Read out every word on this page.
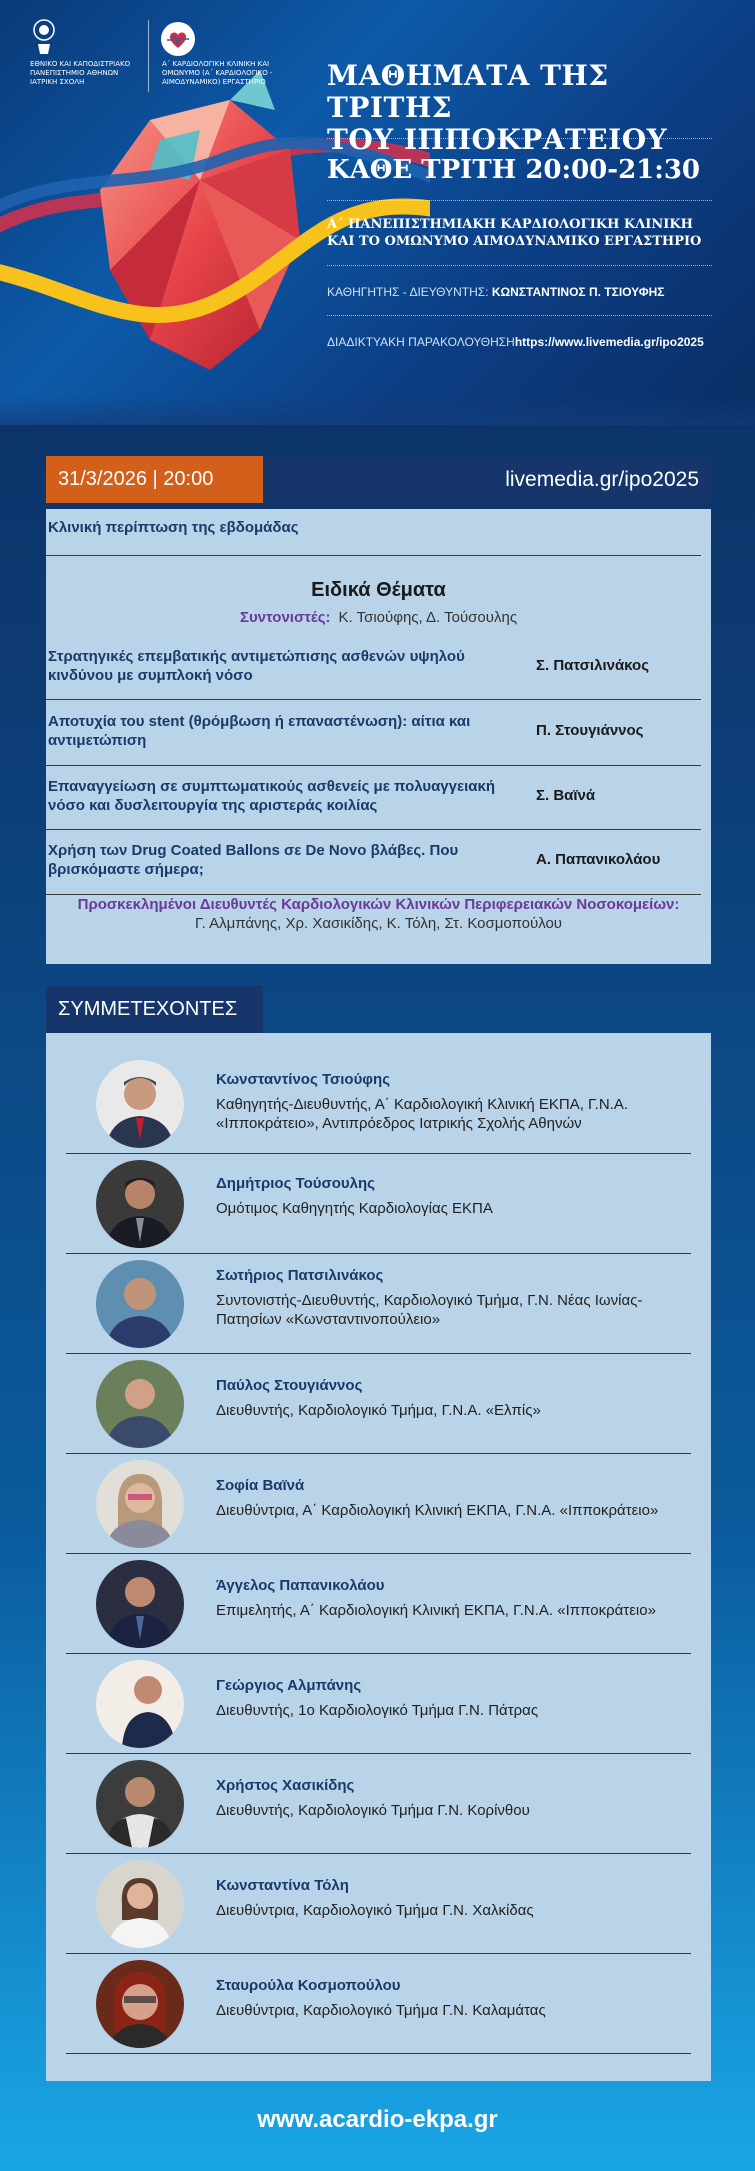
ΕΘΝΙΚΟ ΚΑΙ ΚΑΠΟΔΙΣΤΡΙΑΚΟ ΠΑΝΕΠΙΣΤΗΜΙΟ ΑΘΗΝΩΝ ΙΑΤΡΙΚΗ ΣΧΟΛΗ
Α΄ ΚΑΡΔΙΟΛΟΓΙΚΗ ΚΛΙΝΙΚΗ ΚΑΙ ΟΜΩΝΥΜΟ (Α΄ ΚΑΡΔΙΟΛΟΓΙΚΟ - ΑΙΜΟΔΥΝΑΜΙΚΟ) ΕΡΓΑΣΤΗΡΙΟ	ΜΑΘΗΜΑΤΑ ΤΗΣ ΤΡΙΤΗΣ
ΤΟΥ ΙΠΠΟΚΡΑΤΕΙΟΥ
ΚΑΘΕ ΤΡΙΤΗ 20:00-21:30
Α΄ ΠΑΝΕΠΙΣΤΗΜΙΑΚΗ ΚΑΡΔΙΟΛΟΓΙΚΗ ΚΛΙΝΙΚΗ
ΚΑΙ ΤΟ ΟΜΩΝΥΜΟ ΑΙΜΟΔΥΝΑΜΙΚΟ ΕΡΓΑΣΤΗΡΙΟ
ΚΑΘΗΓΗΤΗΣ - ΔΙΕΥΘΥΝΤΗΣ: ΚΩΝΣΤΑΝΤΙΝΟΣ Π. ΤΣΙΟΥΦΗΣ
ΔΙΑΔΙΚΤΥΑΚΗ ΠΑΡΑΚΟΛΟΥΘΗΣΗhttps://www.livemedia.gr/ipo2025
31/3/2026 | 20:00	livemedia.gr/ipo2025
Κλινική περίπτωση της εβδομάδας
Ειδικά Θέματα
Συντονιστές: Κ. Τσιούφης, Δ. Τούσουλης
Στρατηγικές επεμβατικής αντιμετώπισης ασθενών υψηλού κινδύνου με συμπλοκή νόσο
Σ. Πατσιλινάκος
Αποτυχία του stent (θρόμβωση ή επαναστένωση): αίτια και αντιμετώπιση
Π. Στουγιάννος
Επαναγγείωση σε συμπτωματικούς ασθενείς με πολυαγγειακή νόσο και δυσλειτουργία της αριστεράς κοιλίας
Σ. Βαϊνά
Χρήση των Drug Coated Ballons σε De Novo βλάβες. Που βρισκόμαστε σήμερα;
Α. Παπανικολάου
Προσκεκλημένοι Διευθυντές Καρδιολογικών Κλινικών Περιφερειακών Νοσοκομείων:
Γ. Αλμπάνης, Χρ. Χασικίδης, Κ. Τόλη, Στ. Κοσμοπούλου
ΣΥΜΜΕΤΕΧΟΝΤΕΣ
Κωνσταντίνος Τσιούφης
Καθηγητής-Διευθυντής, Α΄ Καρδιολογική Κλινική ΕΚΠΑ, Γ.Ν.Α. «Ιπποκράτειο», Αντιπρόεδρος Ιατρικής Σχολής Αθηνών
Δημήτριος Τούσουλης
Ομότιμος Καθηγητής Καρδιολογίας ΕΚΠΑ
Σωτήριος Πατσιλινάκος
Συντονιστής-Διευθυντής, Καρδιολογικό Τμήμα, Γ.Ν. Νέας Ιωνίας-Πατησίων «Κωνσταντινοπούλειο»
Παύλος Στουγιάννος
Διευθυντής, Καρδιολογικό Τμήμα, Γ.Ν.Α. «Ελπίς»
Σοφία Βαϊνά
Διευθύντρια, Α΄ Καρδιολογική Κλινική ΕΚΠΑ, Γ.Ν.Α. «Ιπποκράτειο»
Άγγελος Παπανικολάου
Επιμελητής, Α΄ Καρδιολογική Κλινική ΕΚΠΑ, Γ.Ν.Α. «Ιπποκράτειο»
Γεώργιος Αλμπάνης
Διευθυντής, 1ο Καρδιολογικό Τμήμα Γ.Ν. Πάτρας
Χρήστος Χασικίδης
Διευθυντής, Καρδιολογικό Τμήμα Γ.Ν. Κορίνθου
Κωνσταντίνα Τόλη
Διευθύντρια, Καρδιολογικό Τμήμα Γ.Ν. Χαλκίδας
Σταυρούλα Κοσμοπούλου
Διευθύντρια, Καρδιολογικό Τμήμα Γ.Ν. Καλαμάτας
www.acardio-ekpa.gr
